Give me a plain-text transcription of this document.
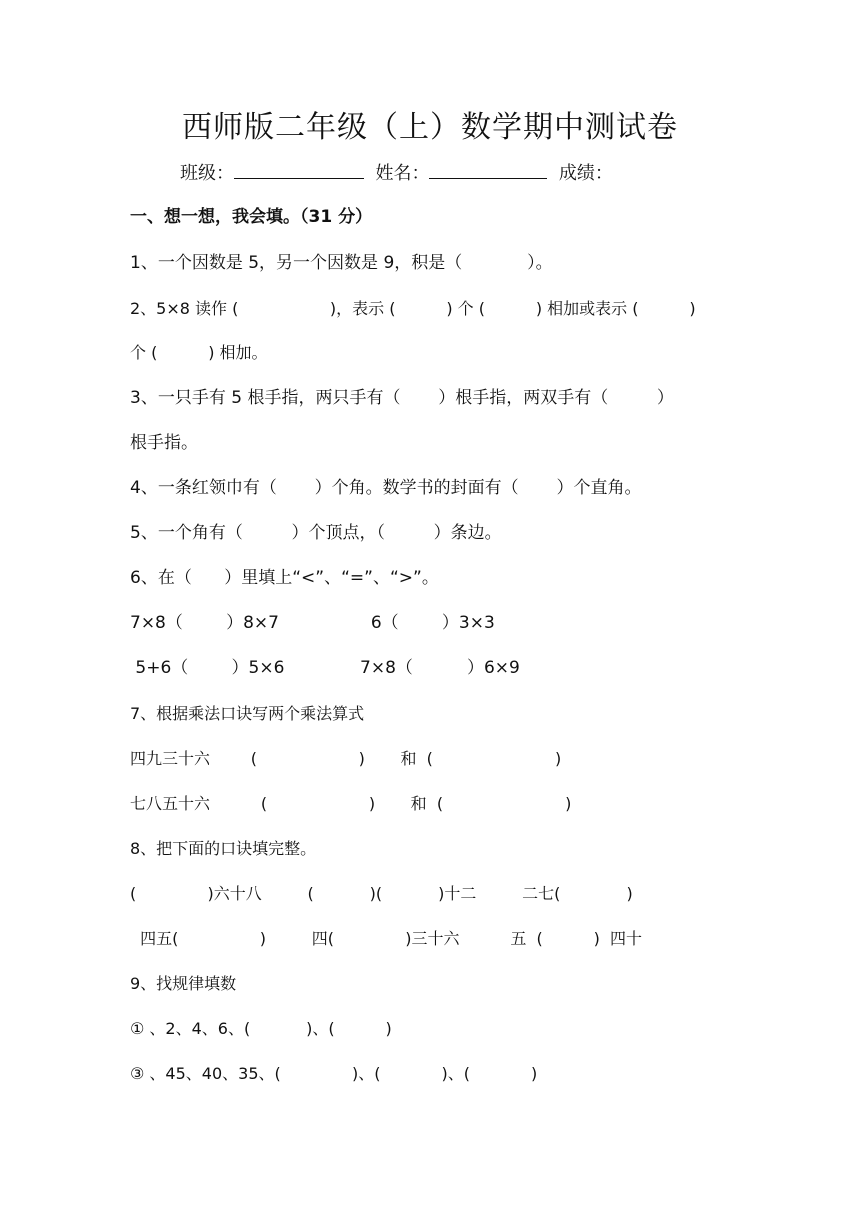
西师版二年级（上）数学期中测试卷
班级：	姓名：	成绩：
一、想一想，我会填。（31 分）
1、一个因数是 5，另一个因数是 9，积是（            ）。
2、5×8 读作 (                  )，表示 (          ) 个 (          ) 相加或表示 (          )
个 (          ) 相加。
3、一只手有 5 根手指，两只手有（       ）根手指，两双手有（         ）
根手指。
4、一条红领巾有（       ）个角。数学书的封面有（       ）个直角。
5、一个角有（         ）个顶点，（         ）条边。
6、在（      ）里填上“<”、“=”、“>”。
7×8（        ）8×7                 6（        ）3×3
5+6（        ）5×6              7×8（          ）6×9
7、根据乘法口诀写两个乘法算式
四九三十六        (                    )       和  (                        )
七八五十六          (                    )       和  (                        )
8、把下面的口诀填完整。
(              )六十八         (           )(           )十二         二七(             )
四五(                )         四(              )三十六          五  (          )  四十
9、找规律填数
① 、2、4、6、(           )、(          )
③ 、45、40、35、(              )、(            )、(            )
